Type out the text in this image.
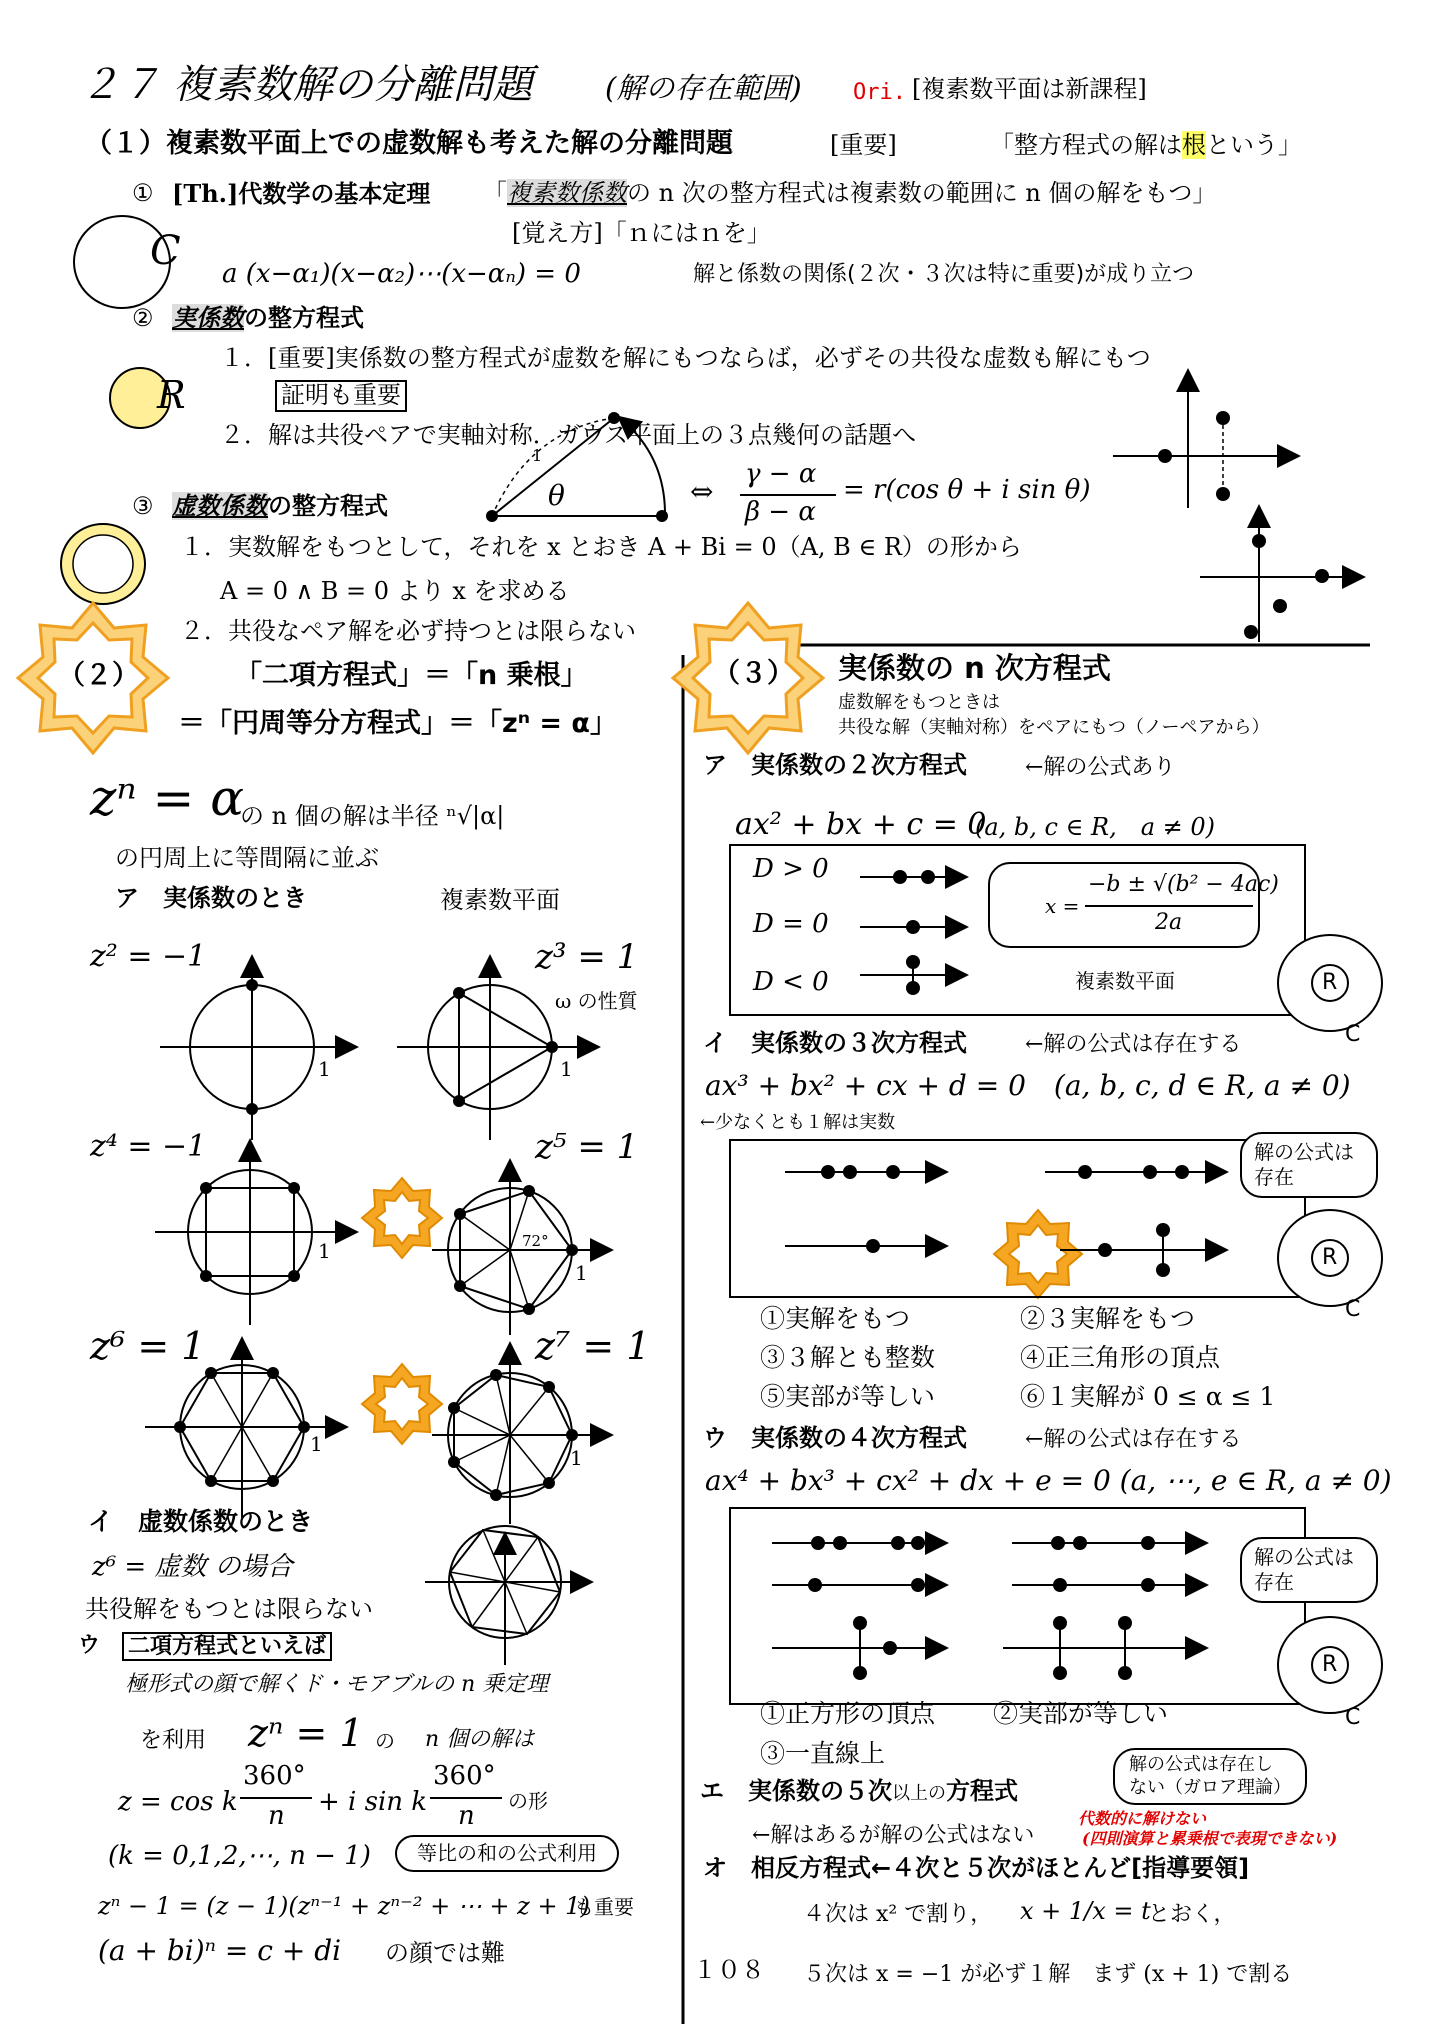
２７ 複素数解の分離問題 (解の存在範囲) Ori. [複素数平面は新課程]
（１）複素数平面上での虚数解も考えた解の分離問題	[重要]	「整方程式の解は根という」
① [Th.]代数学の基本定理 「複素数係数の n 次の整方程式は複素数の範囲に n 個の解をもつ」
[覚え方]「ｎにはｎを」
C a (x−α₁)(x−α₂)⋯(x−αₙ) = 0	解と係数の関係(２次・３次は特に重要)が成り立つ
② 実係数の整方程式
１．[重要]実係数の整方程式が虚数を解にもつならば，必ずその共役な虚数も解にもつ
証明も重要
R
２．解は共役ペアで実軸対称．ガウス平面上の３点幾何の話題へ
1
θ	⇔
γ − α
β − α
= r(cos θ + i sin θ)
③ 虚数係数の整方程式
１．実数解をもつとして，それを x とおき A + Bi = 0（A, B ∈ R）の形から
A = 0 ∧ B = 0 より x を求める
２．共役なペア解を必ず持つとは限らない
（２）	「二項方程式」＝「n 乗根」
＝「円周等分方程式」＝「zⁿ = α」
zⁿ = α
の n 個の解は半径 ⁿ√|α|
の円周上に等間隔に並ぶ
ア　実係数のとき	複素数平面
z² = −1	z³ = 1
ω の性質
1	1
z⁴ = −1	z⁵ = 1
1	72°
1
z⁶ = 1	z⁷ = 1
1
1
イ　虚数係数のとき
z⁶ = 虚数 の場合
共役解をもつとは限らない
ウ 二項方程式といえば
極形式の顔で解くド・モアブルの n 乗定理
を利用 zⁿ = 1 の n 個の解は
z = cos k
360°
n + i sin k
360°
n の形
(k = 0,1,2,⋯, n − 1)	等比の和の公式利用
zⁿ − 1 = (z − 1)(zⁿ⁻¹ + zⁿ⁻² + ⋯ + z + 1)
も重要
(a + bi)ⁿ = c + di の顔では難
（３） 実係数の n 次方程式
虚数解をもつときは
共役な解（実軸対称）をペアにもつ（ノーペアから）
ア　実係数の２次方程式	←解の公式あり
ax² + bx + c = 0
(a, b, c ∈ R,　a ≠ 0)
D > 0
D = 0
D < 0
x =
−b ± √(b² − 4ac)
2a
複素数平面	R
C
イ　実係数の３次方程式	←解の公式は存在する
ax³ + bx² + cx + d = 0　(a, b, c, d ∈ R, a ≠ 0)
←少なくとも１解は実数
解の公式は存在
R
C
①実解をもつ	②３実解をもつ
③３解とも整数	④正三角形の頂点
⑤実部が等しい	⑥１実解が 0 ≤ α ≤ 1
ウ　実係数の４次方程式	←解の公式は存在する
ax⁴ + bx³ + cx² + dx + e = 0 (a, ⋯, e ∈ R, a ≠ 0)
解の公式は存在
R
C
①正方形の頂点 ②実部が等しい
③一直線上
エ　実係数の５次以上の方程式
解の公式は存在し
ない（ガロア理論）
←解はあるが解の公式はない
代数的に解けない
(四則演算と累乗根で表現できない)
オ　相反方程式←４次と５次がほとんど[指導要領]
４次は x² で割り， x + 1/x = t
とおく，
１０８ ５次は x = −1 が必ず１解　まず (x + 1) で割る
